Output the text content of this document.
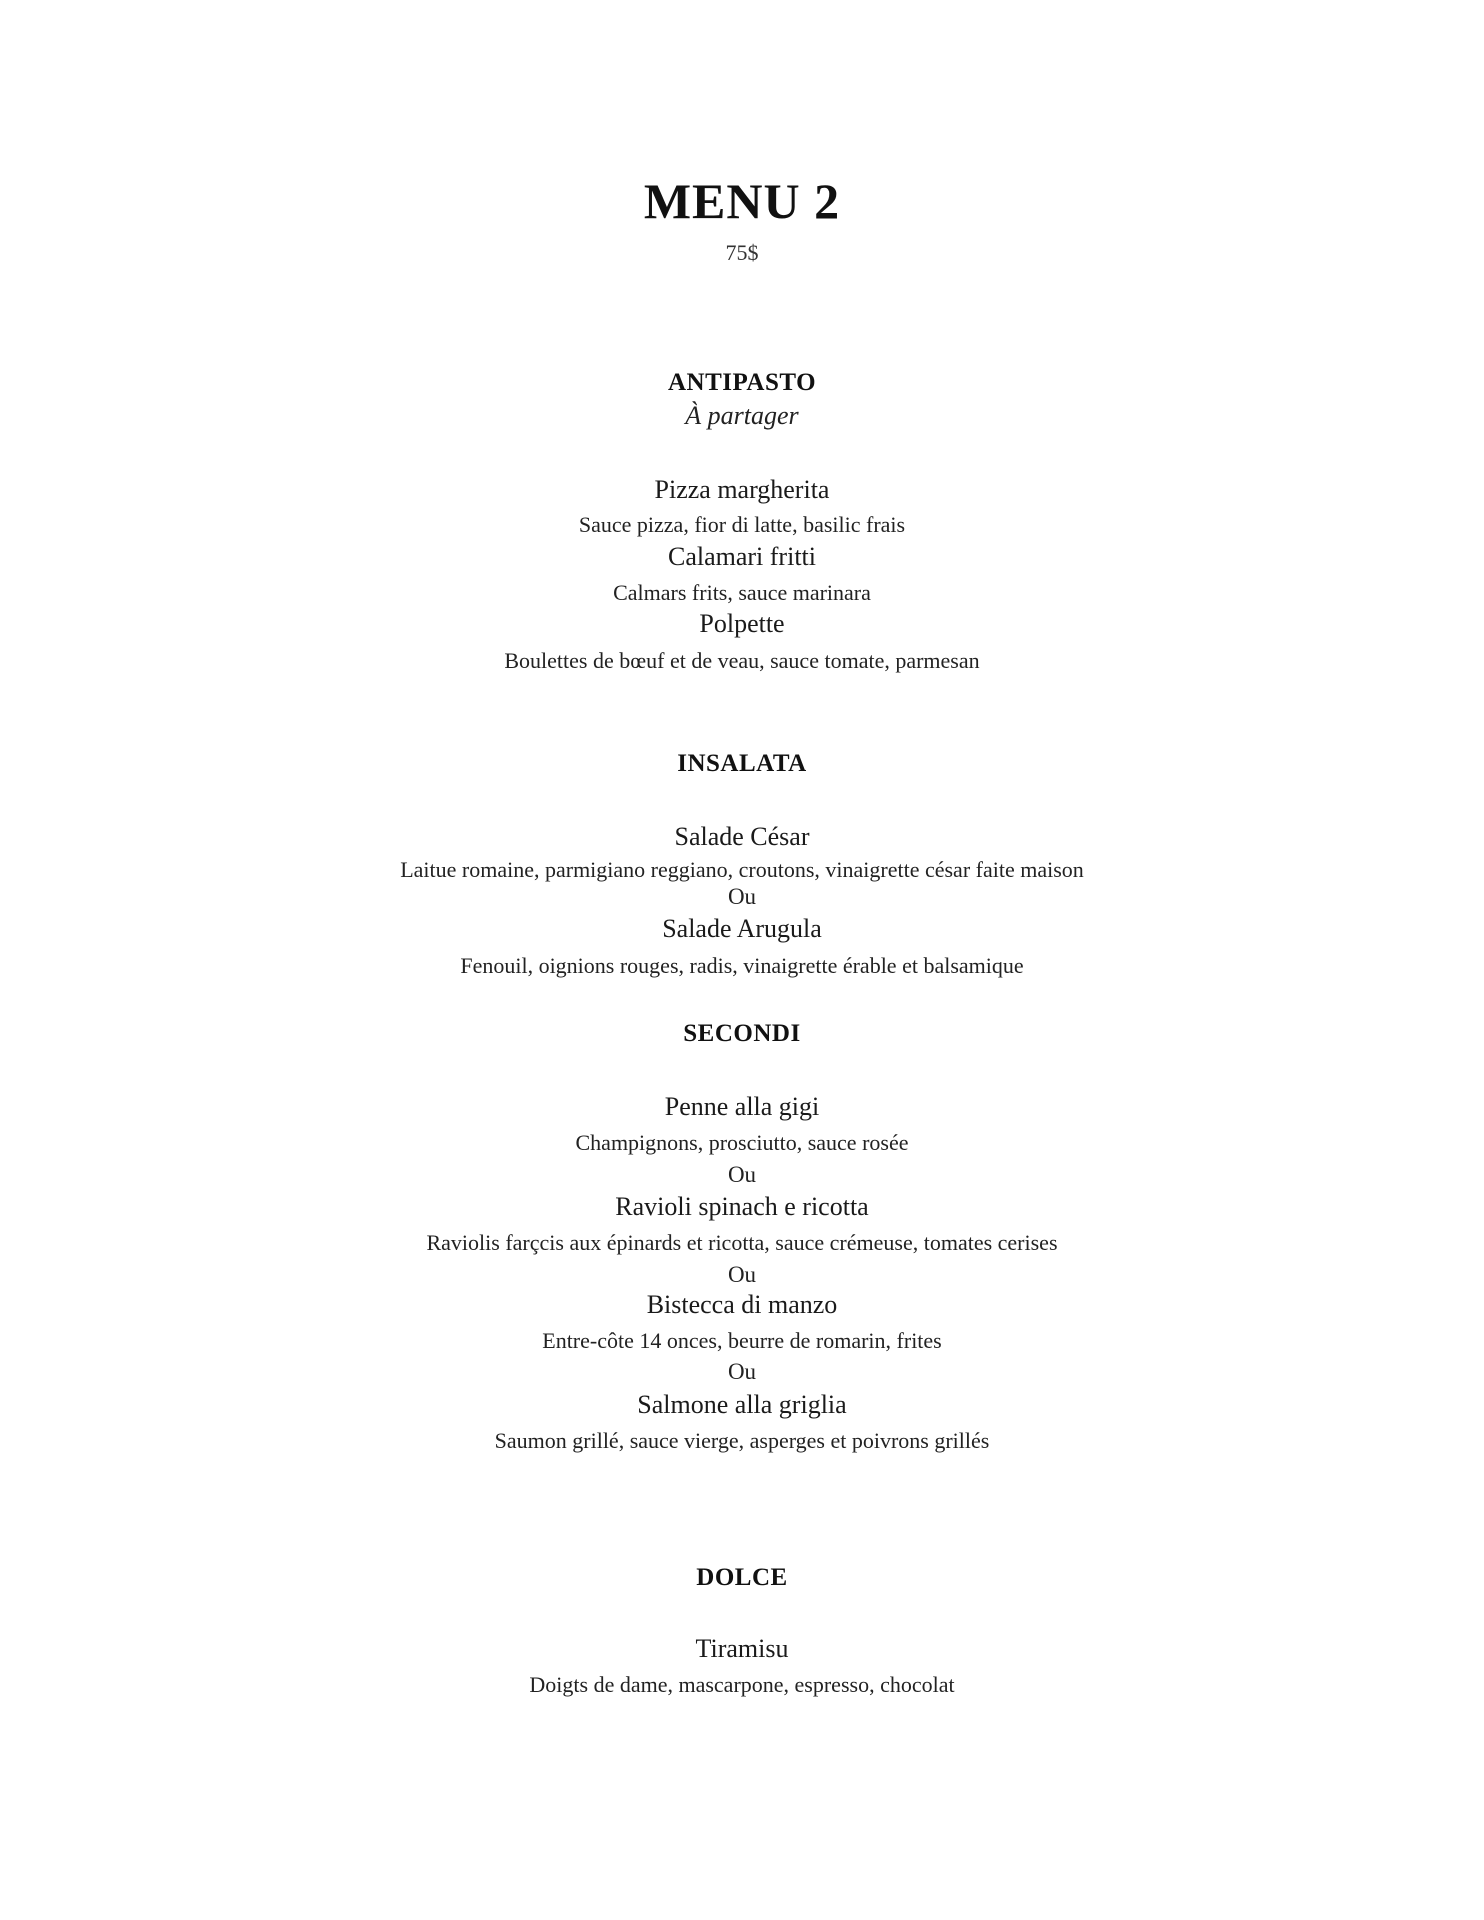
MENU 2
75$
ANTIPASTO
À partager
Pizza margherita
Sauce pizza, fior di latte, basilic frais
Calamari fritti
Calmars frits, sauce marinara
Polpette
Boulettes de bœuf et de veau, sauce tomate, parmesan
INSALATA
Salade César
Laitue romaine, parmigiano reggiano, croutons, vinaigrette césar faite maison
Ou
Salade Arugula
Fenouil, oignions rouges, radis, vinaigrette érable et balsamique
SECONDI
Penne alla gigi
Champignons, prosciutto, sauce rosée
Ou
Ravioli spinach e ricotta
Raviolis farçcis aux épinards et ricotta, sauce crémeuse, tomates cerises
Ou
Bistecca di manzo
Entre-côte 14 onces, beurre de romarin, frites
Ou
Salmone alla griglia
Saumon grillé, sauce vierge, asperges et poivrons grillés
DOLCE
Tiramisu
Doigts de dame, mascarpone, espresso, chocolat
